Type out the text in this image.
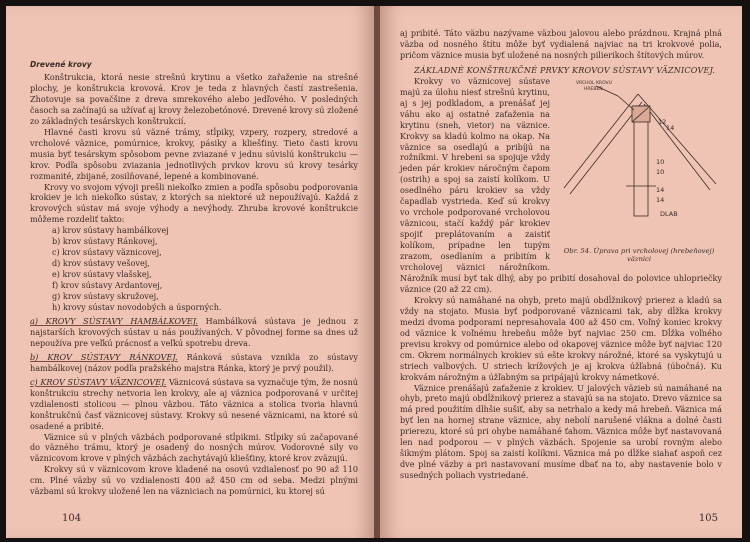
Drevené krovy

Konštrukcia, ktorá nesie strešnú krytinu a všetko zařaženie na strešné plochy, je konštrukcia krovová. Krov je teda z hlavných častí zastrešenia. Zhotovuje sa povačšine z dreva smrekového alebo jedľového. V posledných časoch sa začínajú sa užívať aj krovy železobetónové. Drevené krovy sú zložené zo základných tesárskych konštrukcií.

Hlavné časti krovu sú väzné trámy, stĺpiky, vzpery, rozpery, stredové a vrcholové väznice, pomúrnice, krokvy, pásiky a kliešťiny. Tieto časti krovu musia byť tesárskym spôsobom pevne zviazané v jednu súvislú konštrukciu — krov. Podľa spôsobu zviazania jednotlivých prvkov krovu sú krovy tesárky rozmanité, zbijané, zosilňované, lepené a kombinované.

Krovy vo svojom vývoji prešli niekoľko zmien a podľa spôsobu podporovania krokiev je ich niekoľko sústav, z ktorých sa niektoré už nepoužívajú. Každá z krovových sústav má svoje výhody a nevýhody. Zhruba krovové konštrukcie môžeme rozdeliť takto:

a) krov sústavy hambálkovej
b) krov sústavy Ránkovej,
c) krov sústavy väznicovej,
d) krov sústavy vešovej,
e) krov sústavy vlašskej,
f) krov sústavy Ardantovej,
g) krov sústavy skružovej,
h) krovy sústav novodobých a úsporných.

a) KROVY SÚSTAVY HAMBÁLKOVEJ. Hambálková sústava je jednou z najstarších krovových sústav u nás používaných. V pôvodnej forme sa dnes už nepoužíva pre veľkú prácnosť a veľkú spotrebu dreva.

b) KROV SÚSTAVY RÁNKOVEJ. Ránková sústava vznikla zo sústavy hambálkovej (názov podľa pražského majstra Ránka, ktorý je prvý použil).

c) KROV SÚSTAVY VÄZNICOVEJ. Väznicová sústava sa vyznačuje tým, že nosnú konštrukciu strechy netvoria len krokvy, ale aj väznica podporovaná v určitej vzdialenosti stolicou — plnou väzbou. Táto väznica a stolica tvoria hlavnú konštrukčnú časť väznicovej sústavy. Krokvy sú nesené väznicami, na ktoré sú osadené a pribité.

Väznice sú v plných väzbách podporované stĺpikmi. Stĺpiky sú začapované do väzného trámu, ktorý je osadený do nosných múrov. Vodorovné sily vo väznicovom krove v plných väzbách zachytávajú kliešťiny, ktoré krov zväzujú.

Krokvy sú v väznicovom krove kladené na osovú vzdialenosť po 90 až 110 cm. Plné väzby sú vo vzdialenosti 400 až 450 cm od seba. Medzi plnými väzbami sú krokvy uložené len na väzniciach na pomúrnici, ku ktorej sú

104

aj pribité. Táto väzbu nazývame väzbou jalovou alebo prázdnou. Krajná plná väzba od nosného štítu môže byť vydialená najviac na tri krokvové polia, pričom väznice musia byť uložené na nosných pilierikoch štítových múrov.

ZÁKLADNÉ KONŠTRUKČNÉ PRVKY KROVOV SÚSTAVY VÄZNICOVEJ.

12
14
10
10
14
14
DLAB
VRCHOL KROVU
HREBEŇ
Obr. 54. Úprava pri vrcholovej (hrebeňovej) väznici

Krokvy vo väznicovej sústave majú za úlohu niesť strešnú krytinu, aj s jej podkladom, a prenášať jej váhu ako aj ostatné zaťaženia na krytinu (sneh, vietor) na väznice. Krokvy sa kladú kolmo na okap. Na väznice sa osedlajú a pribíjú na rožníkmi. V hrebeni sa spojuje vždy jeden pár krokiev náročným čapom (ostrih) a spoj sa zaistí kolíkom. U osedlného páru krokiev sa vždy čapadlab vystrieda. Keď sú krokvy vo vrchole podporované vrcholovou väznicou, stačí každý pár krokiev spojiť preplátovaním a zaistiť kolíkom, prípadne len tupým zrazom, osedlaním a pribitím k vrcholovej väznici nárožníkom. Nárožník musí byť tak dlhý, aby po pribití dosahoval do polovice uhlopriečky väznice (20 až 22 cm).

Krokvy sú namáhané na ohyb, preto majú obdĺžnikový prierez a kladú sa vždy na stojato. Musia byť podporované väznicami tak, aby dĺžka krokvy medzi dvoma podporami nepresahovala 400 až 450 cm. Voľný koniec krokvy od väznice k voľnému hrebeňu môže byť najviac 250 cm. Dĺžka voľného previsu krokvy od pomúrnice alebo od okapovej väznice môže byť najviac 120 cm. Okrem normálnych krokiev sú ešte krokvy nárožné, ktoré sa vyskytujú u striech valbových. U striech krížových je aj krokva úžľabná (úbočná). Ku krokvám nárožným a úžľabným sa pripájajú krokvy námetkové.

Väznice prenášajú zaťaženie z krokiev. U jalových väzieb sú namáhané na ohyb, preto majú obdĺžnikový prierez a stavajú sa na stojato. Drevo väznice sa má pred použitím dlhšie sušiť, aby sa netrhalo a kedy má hrebeň. Väznica má byť len na hornej strane väznice, aby nebolí narušené vlákna a dolné časti prierezu, ktoré sú pri ohybe namáhané ťahom. Väznica môže byť nastavovaná len nad podporou — v plných väzbách. Spojenie sa urobí rovným alebo šikmým plátom. Spoj sa zaistí kolíkmi. Väznica má po dĺžke siahať aspoň cez dve plné väzby a pri nastavovaní musíme dbať na to, aby nastavenie bolo v susedných poliach vystriedané.

105
